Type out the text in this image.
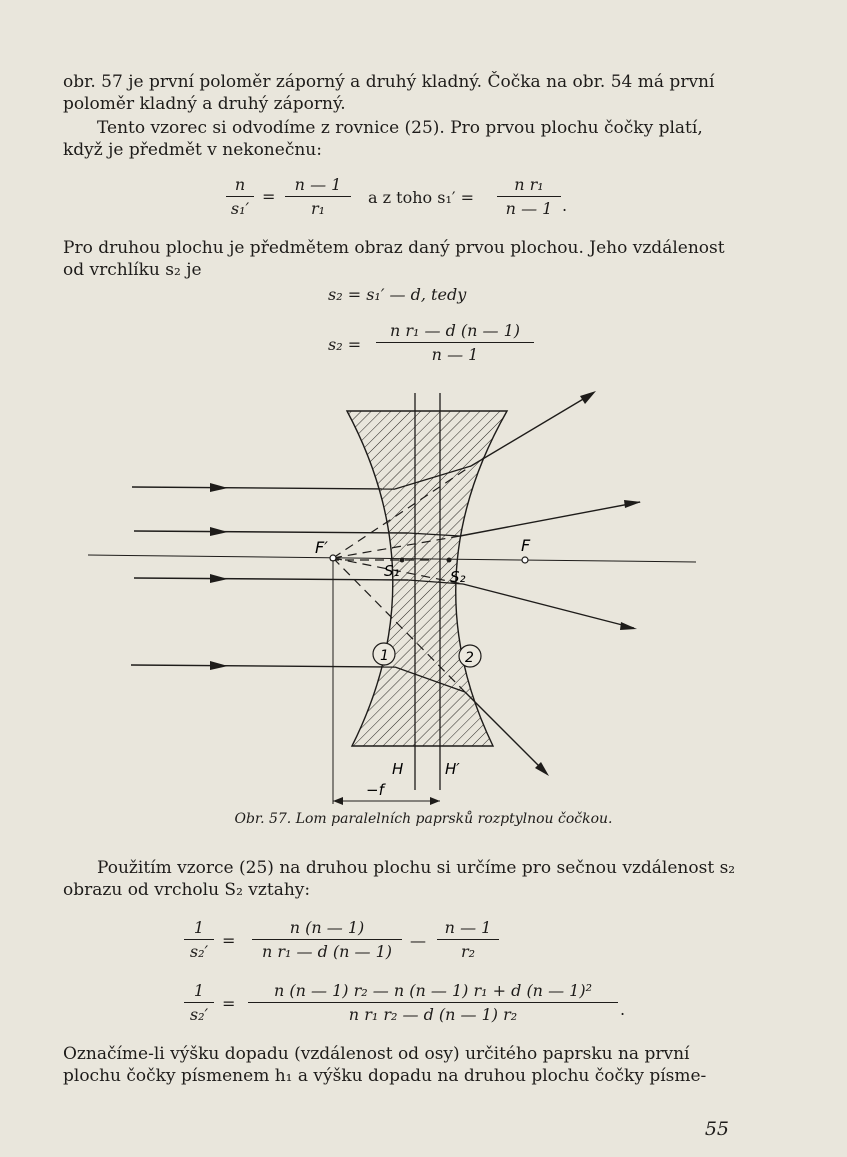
obr. 57 je první poloměr záporný a druhý kladný. Čočka na obr. 54 má první
poloměr kladný a druhý záporný.
Tento vzorec si odvodíme z rovnice (25). Pro prvou plochu čočky platí,
když je předmět v nekonečnu:
$\frac{n}{\text{s₁′}} = \frac{n — 1}{\text{r₁}}$ a z toho $s_1' = \frac{\text{n r₁}}{n — 1}$ .
Pro druhou plochu je předmětem obraz daný prvou plochou. Jeho vzdálenost
od vrchlíku s₂ je
s₂ = s₁′ — d, tedy
$s_2 = \frac{\text{n r₁ — d (n — 1)}}{n — 1}$
F′	F
S₁	S₂
1	2
H	H′
−f
Obr. 57. Lom paralelních paprsků rozptylnou čočkou.
Použitím vzorce (25) na druhou plochu si určíme pro sečnou vzdálenost s₂
obrazu od vrcholu S₂ vztahy:
$\frac{1}{\text{s₂′}} = \frac{n (n — 1)}{\text{n r₁ — d (n — 1)}}$ — $\frac{n — 1}{\text{r₂}}$
$\frac{1}{\text{s₂′}} = \frac{\text{n (n — 1) r₂ — n (n — 1) r₁ + d (n — 1)²}}{\text{n r₁ r₂ — d (n — 1) r₂}}$ .
Označíme-li výšku dopadu (vzdálenost od osy) určitého paprsku na první
plochu čočky písmenem h₁ a výšku dopadu na druhou plochu čočky písme-
55
